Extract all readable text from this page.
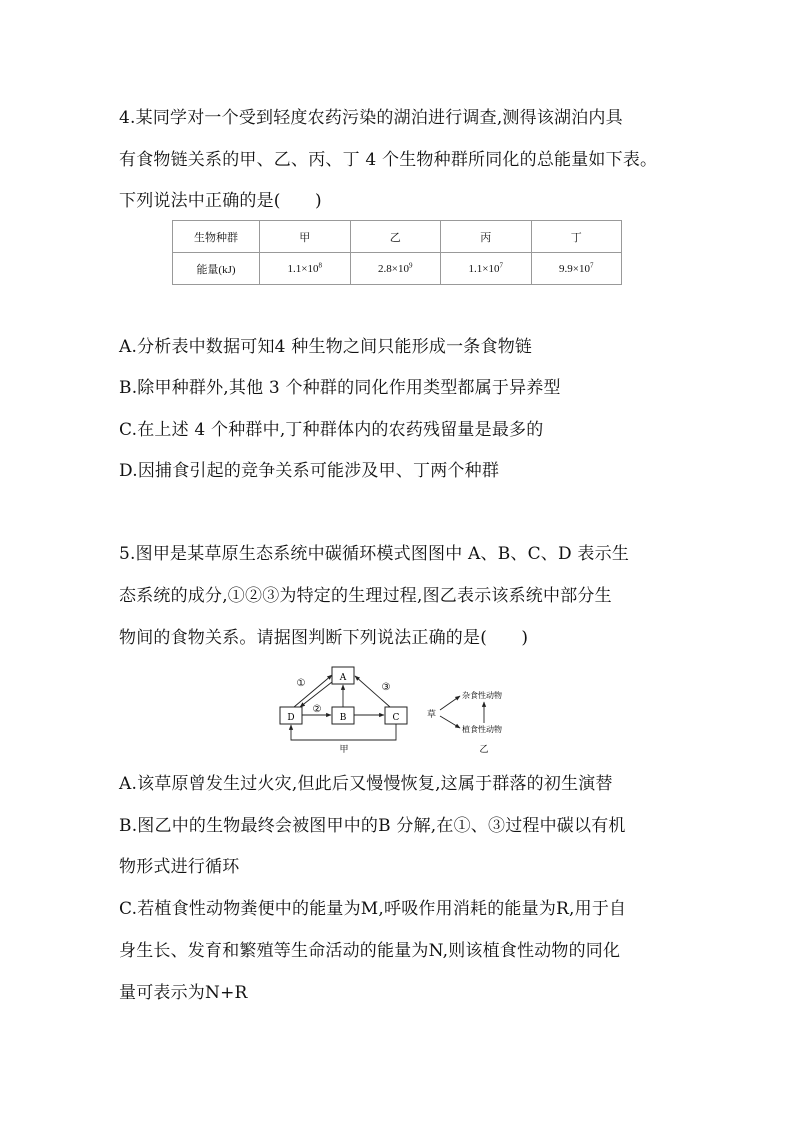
4.某同学对一个受到轻度农药污染的湖泊进行调查,测得该湖泊内具
有食物链关系的甲、乙、丙、丁 4 个生物种群所同化的总能量如下表。
下列说法中正确的是(　　)
生物种群	甲	乙	丙	丁
能量(kJ)	$1.1\times 10^8$	$2.8\times 10^9$	$1.1\times 10^7$	$9.9\times 10^7$
A.分析表中数据可知4 种生物之间只能形成一条食物链
B.除甲种群外,其他 3 个种群的同化作用类型都属于异养型
C.在上述 4 个种群中,丁种群体内的农药残留量是最多的
D.因捕食引起的竞争关系可能涉及甲、丁两个种群
5.图甲是某草原生态系统中碳循环模式图图中 A、B、C、D 表示生
态系统的成分,①②③为特定的生理过程,图乙表示该系统中部分生
物间的食物关系。请据图判断下列说法正确的是(　　)
A
D	B	C
①
②
③
甲
草
杂食性动物
植食性动物
乙
A.该草原曾发生过火灾,但此后又慢慢恢复,这属于群落的初生演替
B.图乙中的生物最终会被图甲中的B 分解,在①、③过程中碳以有机
物形式进行循环
C.若植食性动物粪便中的能量为M,呼吸作用消耗的能量为R,用于自
身生长、发育和繁殖等生命活动的能量为N,则该植食性动物的同化
量可表示为N+R
